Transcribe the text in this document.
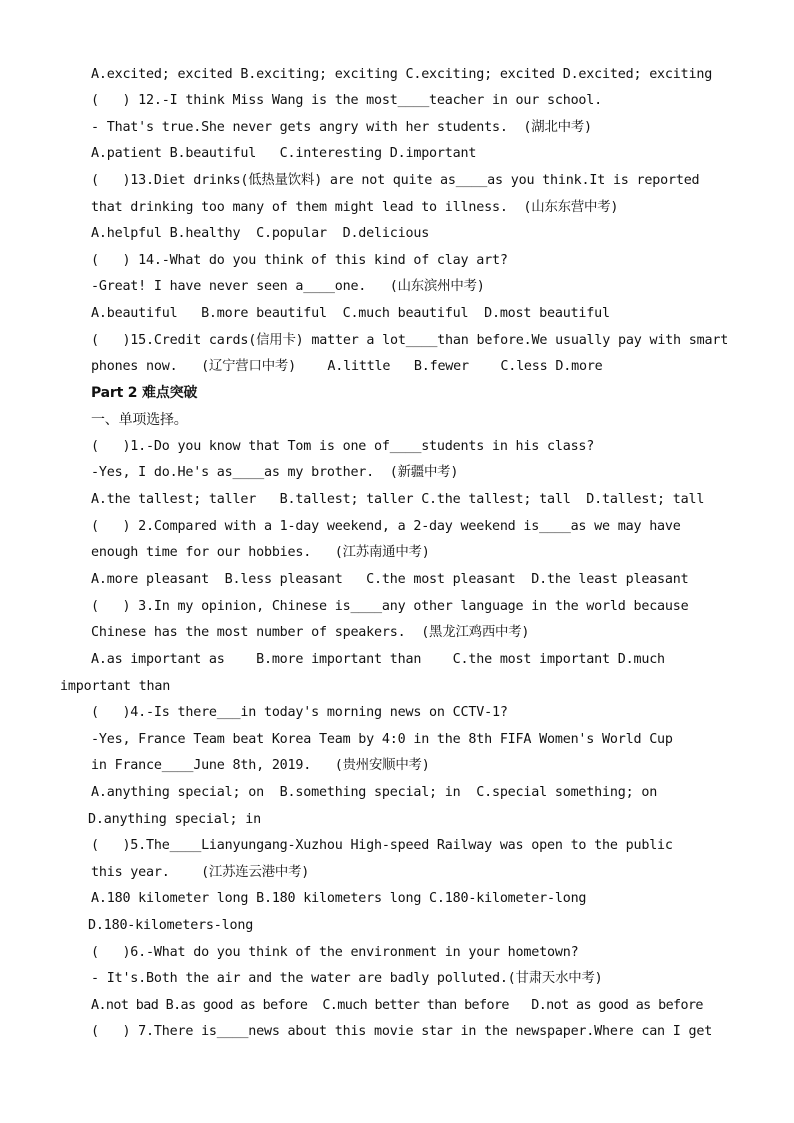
A.excited; excited B.exciting; exciting C.exciting; excited D.excited; exciting
(   ) 12.-I think Miss Wang is the most____teacher in our school.
- That's true.She never gets angry with her students.  (湖北中考)
A.patient B.beautiful   C.interesting D.important
(   )13.Diet drinks(低热量饮料) are not quite as____as you think.It is reported
that drinking too many of them might lead to illness.  (山东东营中考)
A.helpful B.healthy  C.popular  D.delicious
(   ) 14.-What do you think of this kind of clay art?
-Great! I have never seen a____one.   (山东滨州中考)
A.beautiful   B.more beautiful  C.much beautiful  D.most beautiful
(   )15.Credit cards(信用卡) matter a lot____than before.We usually pay with smart
phones now.   (辽宁营口中考)    A.little   B.fewer    C.less D.more
Part 2 难点突破
一、单项选择。
(   )1.-Do you know that Tom is one of____students in his class?
-Yes, I do.He's as____as my brother.  (新疆中考)
A.the tallest; taller   B.tallest; taller C.the tallest; tall  D.tallest; tall
(   ) 2.Compared with a 1-day weekend, a 2-day weekend is____as we may have
enough time for our hobbies.   (江苏南通中考)
A.more pleasant  B.less pleasant   C.the most pleasant  D.the least pleasant
(   ) 3.In my opinion, Chinese is____any other language in the world because
Chinese has the most number of speakers.  (黑龙江鸡西中考)
A.as important as    B.more important than    C.the most important D.much
important than
(   )4.-Is there___in today's morning news on CCTV-1?
-Yes, France Team beat Korea Team by 4:0 in the 8th FIFA Women's World Cup
in France____June 8th, 2019.   (贵州安顺中考)
A.anything special; on  B.something special; in  C.special something; on
D.anything special; in
(   )5.The____Lianyungang-Xuzhou High-speed Railway was open to the public
this year.    (江苏连云港中考)
A.180 kilometer long B.180 kilometers long C.180-kilometer-long
D.180-kilometers-long
(   )6.-What do you think of the environment in your hometown?
- It's.Both the air and the water are badly polluted.(甘肃天水中考)
A.not bad B.as good as before  C.much better than before   D.not as good as before
(   ) 7.There is____news about this movie star in the newspaper.Where can I get
